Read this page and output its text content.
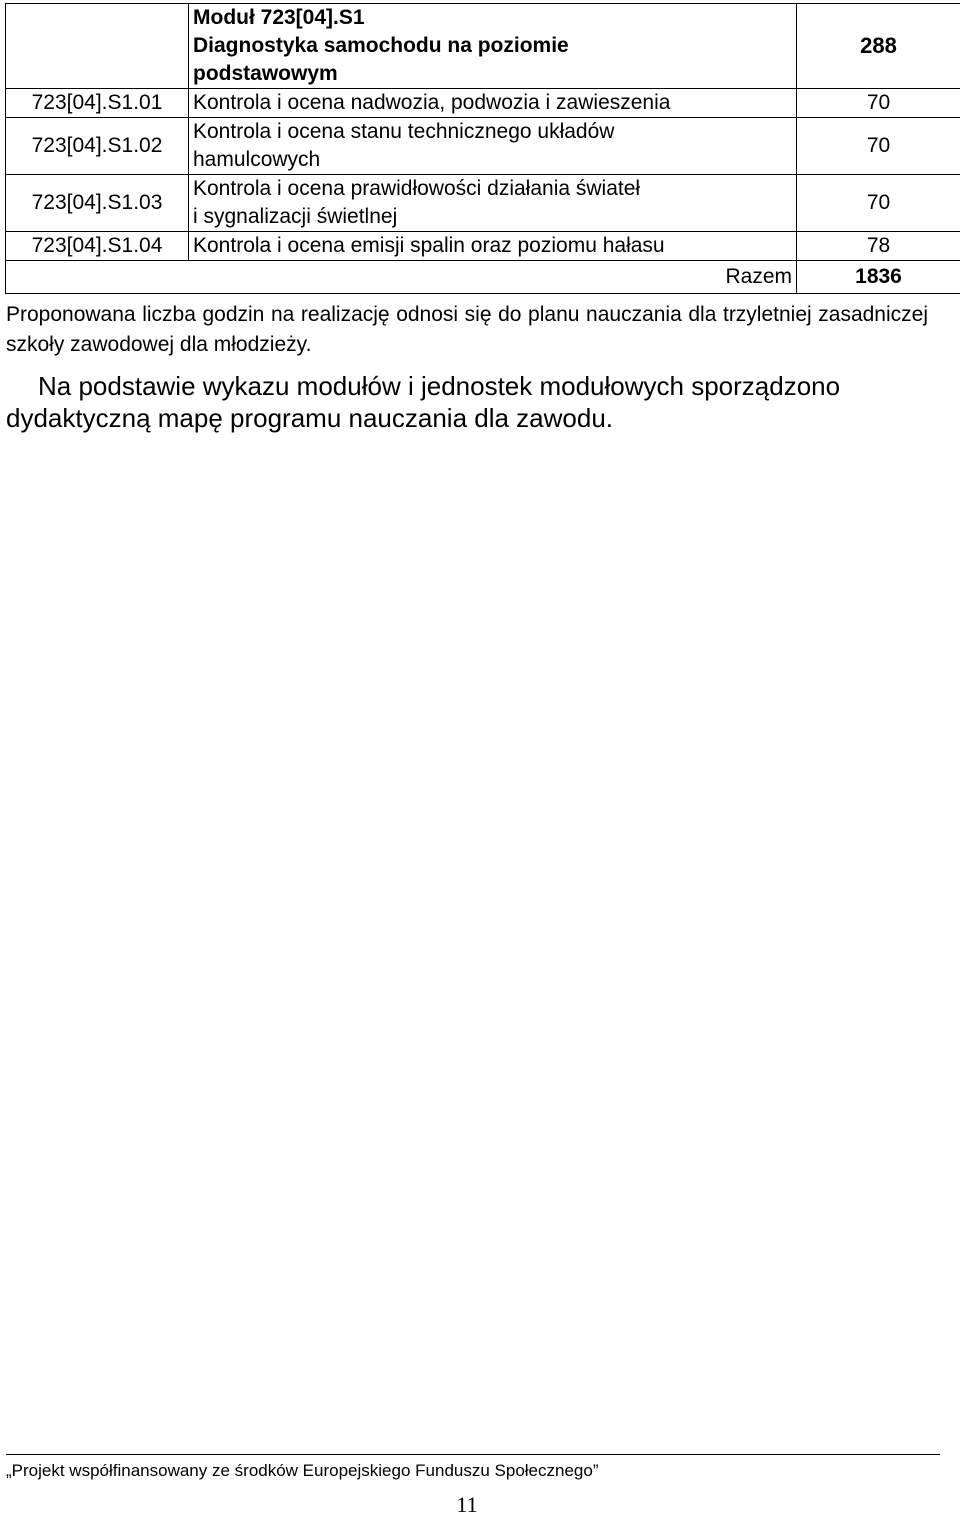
	Moduł 723[04].S1
Diagnostyka samochodu na poziomie
podstawowym	288
723[04].S1.01	Kontrola i ocena nadwozia, podwozia i zawieszenia	70
723[04].S1.02	Kontrola i ocena stanu technicznego układów
hamulcowych	70
723[04].S1.03	Kontrola i ocena prawidłowości działania świateł
i sygnalizacji świetlnej	70
723[04].S1.04	Kontrola i ocena emisji spalin oraz poziomu hałasu	78
Razem		1836

Proponowana liczba godzin na realizację odnosi się do planu nauczania dla trzyletniej zasadniczej szkoły zawodowej dla młodzieży.

Na podstawie wykazu modułów i jednostek modułowych sporządzono dydaktyczną mapę programu nauczania dla zawodu.

„Projekt współfinansowany ze środków Europejskiego Funduszu Społecznego”

11
